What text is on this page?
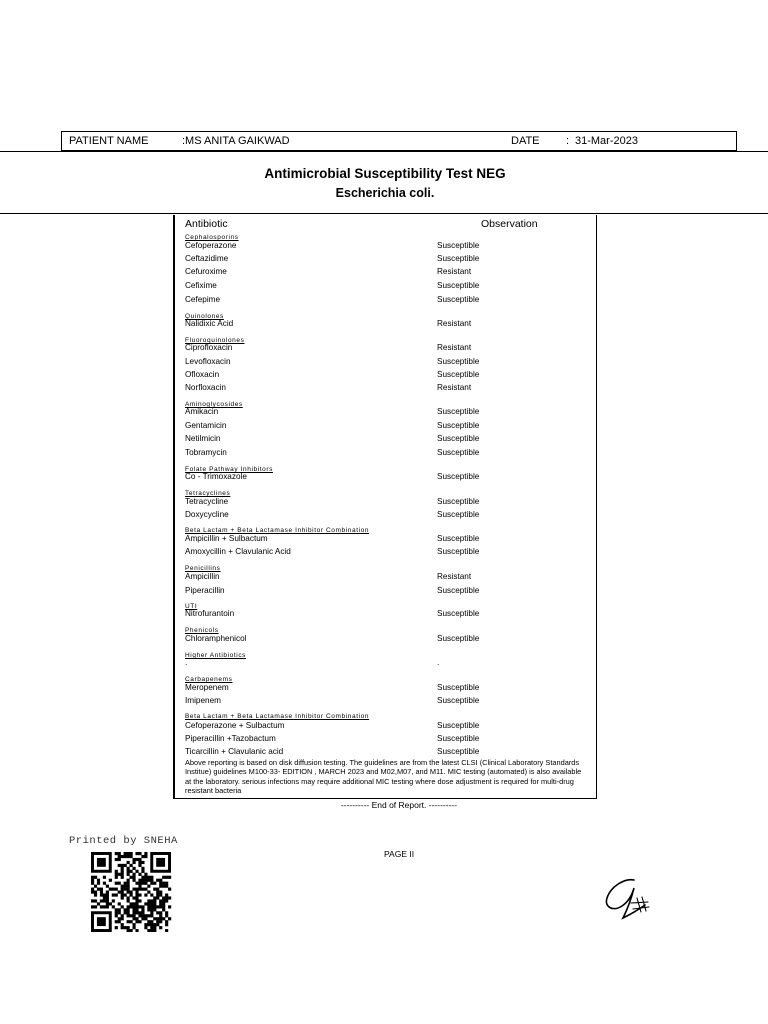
PATIENT NAME	:MS ANITA GAIKWAD	DATE : 31-Mar-2023
Antimicrobial Susceptibility Test NEG
Escherichia coli.
Antibiotic	Observation
Cephalosporins
Cefoperazone	Susceptible
Ceftazidime	Susceptible
Cefuroxime	Resistant
Cefixime	Susceptible
Cefepime	Susceptible
Quinolones
Nalidixic Acid	Resistant
Fluoroquinolones
Ciprofloxacin	Resistant
Levofloxacin	Susceptible
Ofloxacin	Susceptible
Norfloxacin	Resistant
Aminoglycosides
Amikacin	Susceptible
Gentamicin	Susceptible
Netilmicin	Susceptible
Tobramycin	Susceptible
Folate Pathway Inhibitors
Co - Trimoxazole	Susceptible
Tetracyclines
Tetracycline	Susceptible
Doxycycline	Susceptible
Beta Lactam + Beta Lactamase Inhibitor Combination
Ampicillin + Sulbactum	Susceptible
Amoxycillin + Clavulanic Acid	Susceptible
Penicillins
Ampicillin	Resistant
Piperacillin	Susceptible
UTI
Nitrofurantoin	Susceptible
Phenicols
Chloramphenicol	Susceptible
Higher Antibiotics
.	.
Carbapenems
Meropenem	Susceptible
Imipenem	Susceptible
Beta Lactam + Beta Lactamase Inhibitor Combination
Cefoperazone + Sulbactum	Susceptible
Piperacillin +Tazobactum	Susceptible
Ticarcillin + Clavulanic acid	Susceptible
Above reporting is based on disk diffusion testing. The guidelines are from the latest CLSI (Clinical Laboratory Standards Institue) guidelines M100-33- EDITION , MARCH 2023 and M02,M07, and M11. MIC testing (automated) is also available at the laboratory. serious infections may require additional MIC testing where dose adjustment is required for multi-drug resistant bacteria
---------- End of Report. ----------
Printed by SNEHA
PAGE II
